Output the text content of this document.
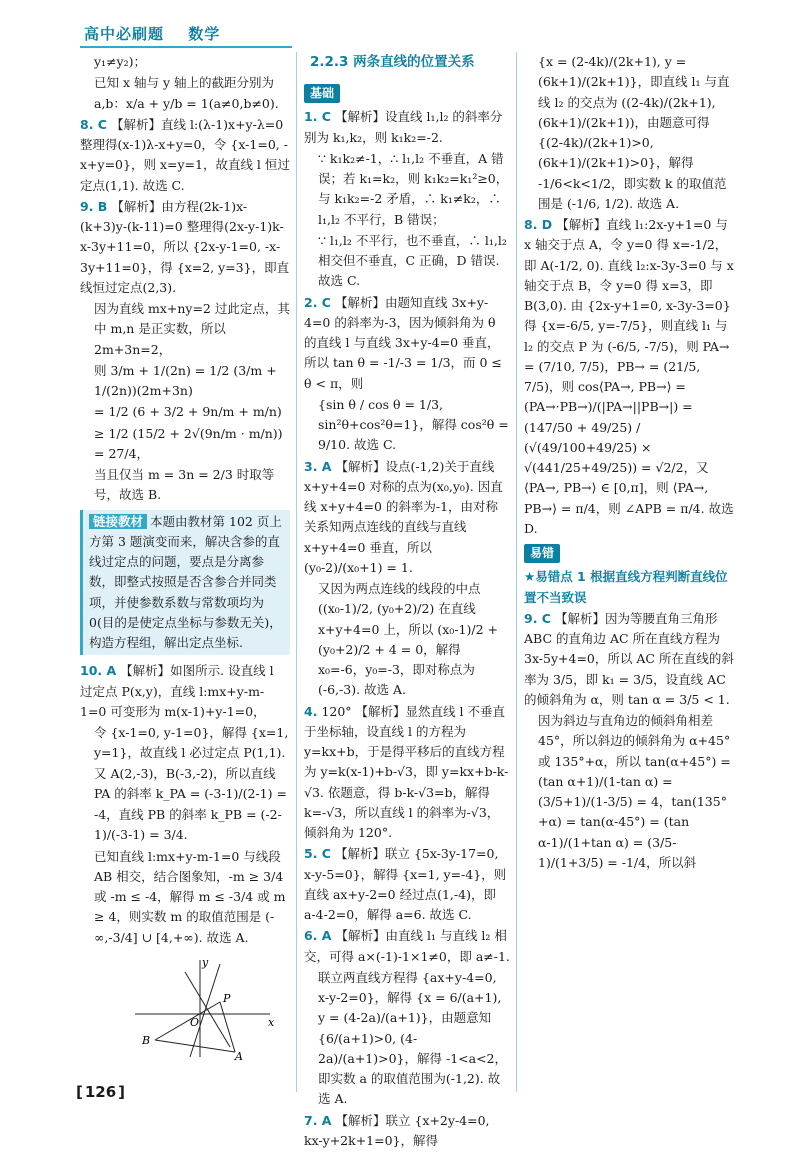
高中必刷题 数学
y₁≠y₂)；
已知 x 轴与 y 轴上的截距分别为 a,b：x/a + y/b = 1(a≠0,b≠0).
8. C 【解析】直线 l:(λ-1)x+y-λ=0 整理得(x-1)λ-x+y=0，令 {x-1=0, -x+y=0}，则 x=y=1，故直线 l 恒过定点(1,1). 故选 C.
9. B 【解析】由方程(2k-1)x-(k+3)y-(k-11)=0 整理得(2x-y-1)k-x-3y+11=0，所以 {2x-y-1=0, -x-3y+11=0}，得 {x=2, y=3}，即直线恒过定点(2,3).
因为直线 mx+ny=2 过此定点，其中 m,n 是正实数，所以 2m+3n=2，
则 3/m + 1/(2n) = 1/2 (3/m + 1/(2n))(2m+3n)
= 1/2 (6 + 3/2 + 9n/m + m/n)
≥ 1/2 (15/2 + 2√(9n/m · m/n)) = 27/4，
当且仅当 m = 3n = 2/3 时取等号，故选 B.
链接教材 本题由教材第 102 页上方第 3 题演变而来，解决含参的直线过定点的问题，要点是分离参数，即整式按照是否含参合并同类项，并使参数系数与常数项均为 0(目的是使定点坐标与参数无关)，构造方程组，解出定点坐标.
10. A 【解析】如图所示. 设直线 l 过定点 P(x,y)，直线 l:mx+y-m-1=0 可变形为 m(x-1)+y-1=0，
令 {x-1=0, y-1=0}，解得 {x=1, y=1}，故直线 l 必过定点 P(1,1). 又 A(2,-3)，B(-3,-2)，所以直线 PA 的斜率 k_PA = (-3-1)/(2-1) =
-4，直线 PB 的斜率 k_PB = (-2-1)/(-3-1) = 3/4.
已知直线 l:mx+y-m-1=0 与线段 AB 相交，结合图象知，-m ≥ 3/4 或 -m ≤ -4，解得 m ≤ -3/4 或 m ≥ 4，则实数 m 的取值范围是 (-∞,-3/4] ∪ [4,+∞). 故选 A.
y
x
P
O
B
A
2.2.3 两条直线的位置关系
基础
1. C 【解析】设直线 l₁,l₂ 的斜率分别为 k₁,k₂，则 k₁k₂=-2.
∵ k₁k₂≠-1，∴ l₁,l₂ 不垂直，A 错误；若 k₁=k₂，则 k₁k₂=k₁²≥0，与 k₁k₂=-2 矛盾，∴ k₁≠k₂，∴ l₁,l₂ 不平行，B 错误；
∵ l₁,l₂ 不平行，也不垂直，∴ l₁,l₂ 相交但不垂直，C 正确，D 错误. 故选 C.
2. C 【解析】由题知直线 3x+y-4=0 的斜率为-3，因为倾斜角为 θ 的直线 l 与直线 3x+y-4=0 垂直，所以 tan θ = -1/-3 = 1/3，而 0 ≤ θ < π，则
{sin θ / cos θ = 1/3, sin²θ+cos²θ=1}，解得 cos²θ = 9/10. 故选 C.
3. A 【解析】设点(-1,2)关于直线 x+y+4=0 对称的点为(x₀,y₀). 因直线 x+y+4=0 的斜率为-1，由对称关系知两点连线的直线与直线 x+y+4=0 垂直，所以 (y₀-2)/(x₀+1) = 1.
又因为两点连线的线段的中点 ((x₀-1)/2, (y₀+2)/2) 在直线 x+y+4=0 上，所以 (x₀-1)/2 + (y₀+2)/2 + 4 = 0，解得 x₀=-6，y₀=-3，即对称点为(-6,-3). 故选 A.
4. 120° 【解析】显然直线 l 不垂直于坐标轴，设直线 l 的方程为 y=kx+b，于是得平移后的直线方程为 y=k(x-1)+b-√3，即 y=kx+b-k-√3. 依题意，得 b-k-√3=b，解得 k=-√3，所以直线 l 的斜率为-√3，倾斜角为 120°.
5. C 【解析】联立 {5x-3y-17=0, x-y-5=0}，解得 {x=1, y=-4}，则直线 ax+y-2=0 经过点(1,-4)，即 a-4-2=0，解得 a=6. 故选 C.
6. A 【解析】由直线 l₁ 与直线 l₂ 相交，可得 a×(-1)-1×1≠0，即 a≠-1.
联立两直线方程得 {ax+y-4=0, x-y-2=0}，解得 {x = 6/(a+1), y = (4-2a)/(a+1)}，由题意知 {6/(a+1)>0, (4-2a)/(a+1)>0}，解得 -1<a<2，即实数 a 的取值范围为(-1,2). 故选 A.
7. A 【解析】联立 {x+2y-4=0, kx-y+2k+1=0}，解得
{x = (2-4k)/(2k+1), y = (6k+1)/(2k+1)}，即直线 l₁ 与直线 l₂ 的交点为 ((2-4k)/(2k+1), (6k+1)/(2k+1))，由题意可得 {(2-4k)/(2k+1)>0, (6k+1)/(2k+1)>0}，解得 -1/6<k<1/2，即实数 k 的取值范围是 (-1/6, 1/2). 故选 A.
8. D 【解析】直线 l₁:2x-y+1=0 与 x 轴交于点 A，令 y=0 得 x=-1/2，即 A(-1/2, 0). 直线 l₂:x-3y-3=0 与 x 轴交于点 B，令 y=0 得 x=3，即 B(3,0). 由 {2x-y+1=0, x-3y-3=0} 得 {x=-6/5, y=-7/5}，则直线 l₁ 与 l₂ 的交点 P 为 (-6/5, -7/5)，则 PA→ = (7/10, 7/5)，PB→ = (21/5, 7/5)，则 cos⟨PA→, PB→⟩ = (PA→·PB→)/(|PA→||PB→|) = (147/50 + 49/25) / (√(49/100+49/25) × √(441/25+49/25)) = √2/2，又 ⟨PA→, PB→⟩ ∈ [0,π]，则 ⟨PA→, PB→⟩ = π/4，则 ∠APB = π/4. 故选 D.
易错
★易错点 1 根据直线方程判断直线位置不当致误
9. C 【解析】因为等腰直角三角形 ABC 的直角边 AC 所在直线方程为 3x-5y+4=0，所以 AC 所在直线的斜率为 3/5，即 k₁ = 3/5，设直线 AC 的倾斜角为 α，则 tan α = 3/5 < 1.
因为斜边与直角边的倾斜角相差 45°，所以斜边的倾斜角为 α+45° 或 135°+α，所以 tan(α+45°) = (tan α+1)/(1-tan α) = (3/5+1)/(1-3/5) = 4，tan(135°+α) = tan(α-45°) = (tan α-1)/(1+tan α) = (3/5-1)/(1+3/5) = -1/4，所以斜
[ 126 ]
